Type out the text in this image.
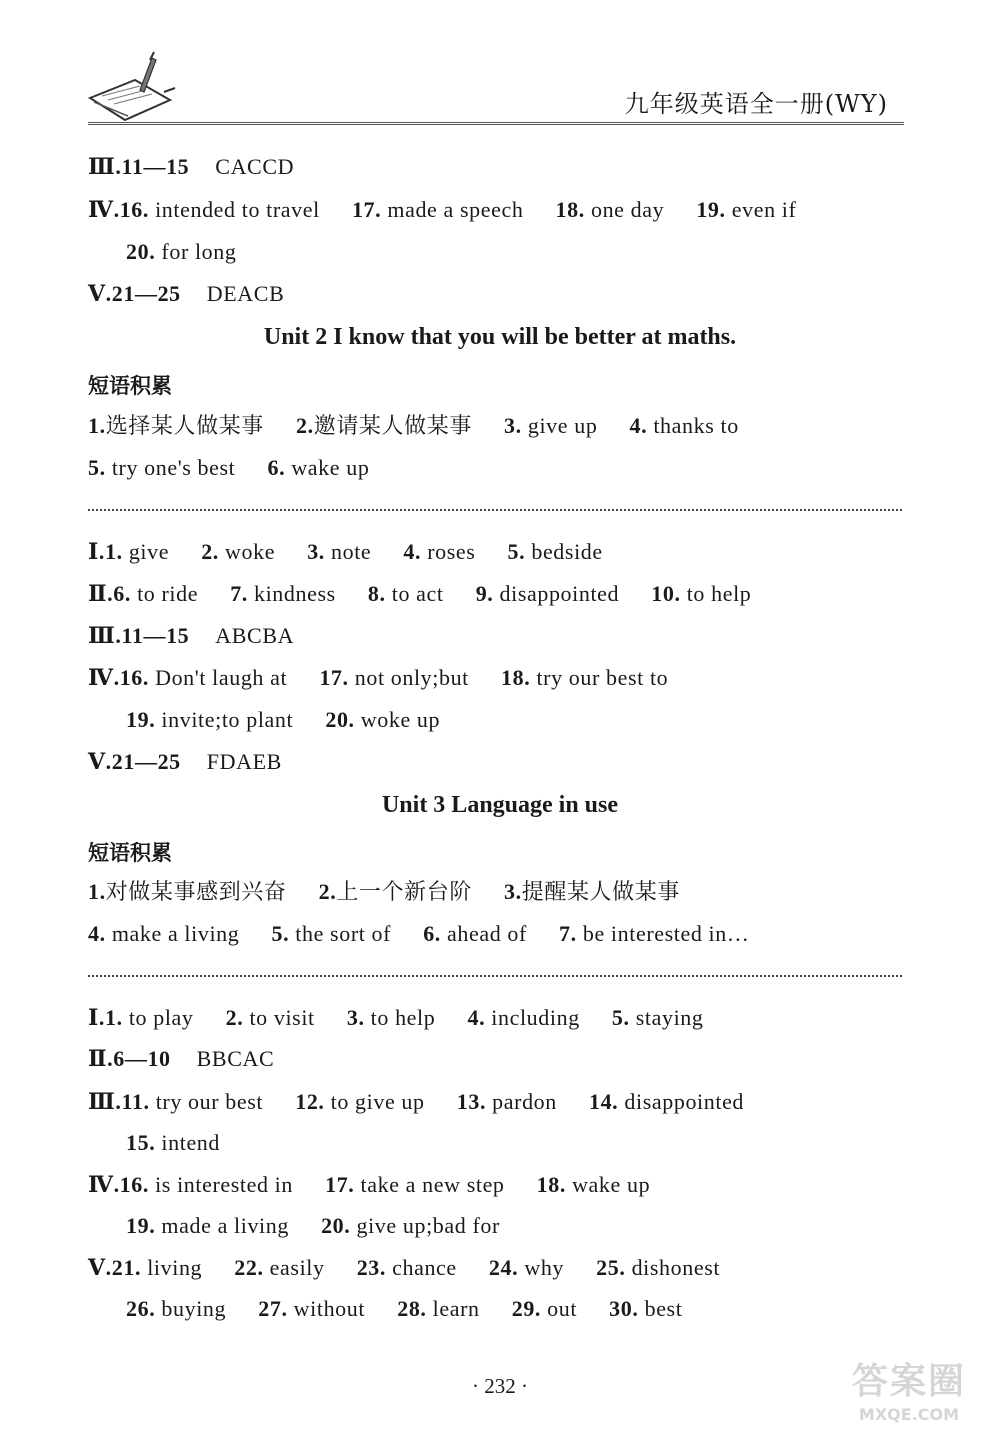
九年级英语全一册(WY)
Ⅲ.11—15 CACCD
Ⅳ.16. intended to travel 17. made a speech 18. one day 19. even if
20. for long
Ⅴ.21—25 DEACB
Unit 2 I know that you will be better at maths.
短语积累
1.选择某人做某事 2.邀请某人做某事 3. give up 4. thanks to
5. try one's best 6. wake up
Ⅰ.1. give 2. woke 3. note 4. roses 5. bedside
Ⅱ.6. to ride 7. kindness 8. to act 9. disappointed 10. to help
Ⅲ.11—15 ABCBA
Ⅳ.16. Don't laugh at 17. not only;but 18. try our best to
19. invite;to plant 20. woke up
Ⅴ.21—25 FDAEB
Unit 3 Language in use
短语积累
1.对做某事感到兴奋 2.上一个新台阶 3.提醒某人做某事
4. make a living 5. the sort of 6. ahead of 7. be interested in…
Ⅰ.1. to play 2. to visit 3. to help 4. including 5. staying
Ⅱ.6—10 BBCAC
Ⅲ.11. try our best 12. to give up 13. pardon 14. disappointed
15. intend
Ⅳ.16. is interested in 17. take a new step 18. wake up
19. made a living 20. give up;bad for
Ⅴ.21. living 22. easily 23. chance 24. why 25. dishonest
26. buying 27. without 28. learn 29. out 30. best
· 232 ·	答案圈
MXQE.COM
